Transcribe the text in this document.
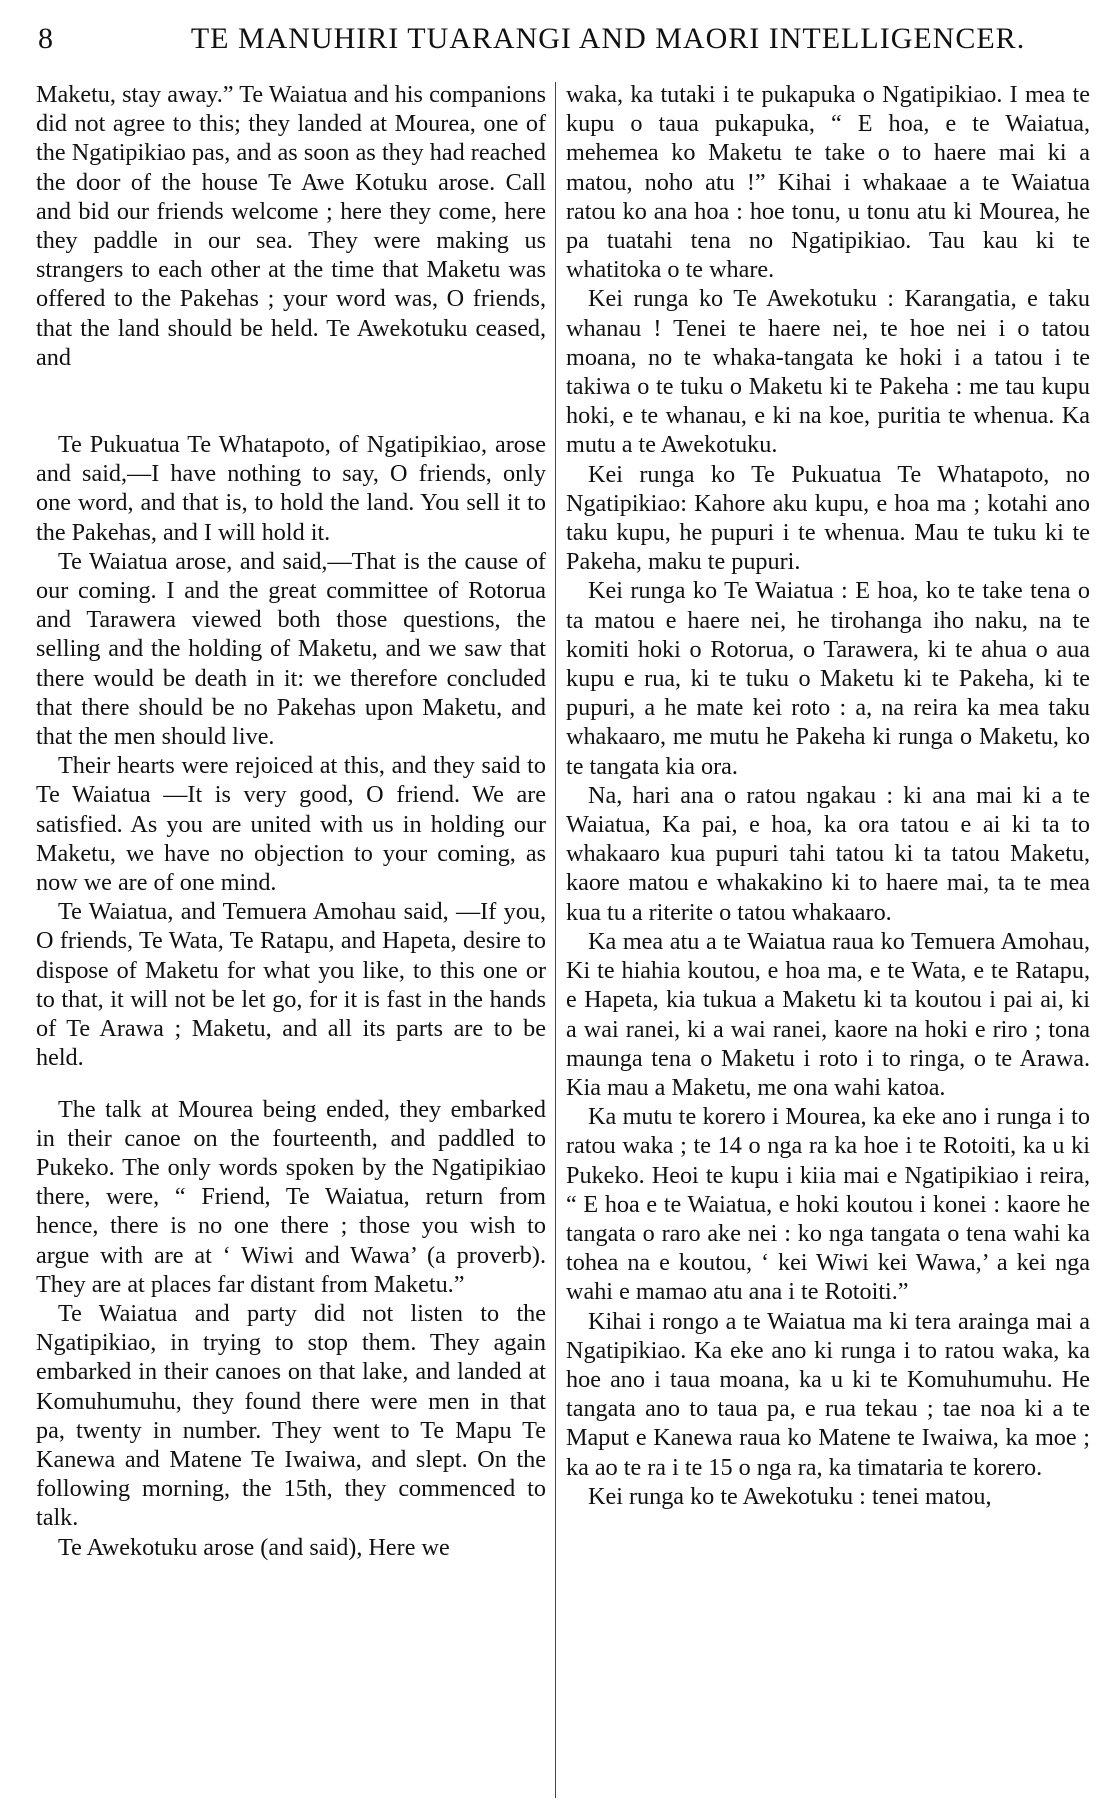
8	TE MANUHIRI TUARANGI AND MAORI INTELLIGENCER.

Maketu, stay away.” Te Waiatua and his companions did not agree to this; they landed at Mourea, one of the Ngatipikiao pas, and as soon as they had reached the door of the house Te Awe Kotuku arose. Call and bid our friends welcome ; here they come, here they paddle in our sea. They were making us strangers to each other at the time that Maketu was offered to the Pakehas ; your word was, O friends, that the land should be held. Te Awekotuku ceased, and

Te Pukuatua Te Whatapoto, of Ngatipikiao, arose and said,—I have nothing to say, O friends, only one word, and that is, to hold the land. You sell it to the Pakehas, and I will hold it.

Te Waiatua arose, and said,—That is the cause of our coming. I and the great committee of Rotorua and Tarawera viewed both those questions, the selling and the holding of Maketu, and we saw that there would be death in it: we therefore concluded that there should be no Pakehas upon Maketu, and that the men should live.

Their hearts were rejoiced at this, and they said to Te Waiatua —It is very good, O friend. We are satisfied. As you are united with us in holding our Maketu, we have no objection to your coming, as now we are of one mind.

Te Waiatua, and Temuera Amohau said, —If you, O friends, Te Wata, Te Ratapu, and Hapeta, desire to dispose of Maketu for what you like, to this one or to that, it will not be let go, for it is fast in the hands of Te Arawa ; Maketu, and all its parts are to be held.

The talk at Mourea being ended, they embarked in their canoe on the fourteenth, and paddled to Pukeko. The only words spoken by the Ngatipikiao there, were, “ Friend, Te Waiatua, return from hence, there is no one there ; those you wish to argue with are at ‘ Wiwi and Wawa’ (a proverb). They are at places far distant from Maketu.”

Te Waiatua and party did not listen to the Ngatipikiao, in trying to stop them. They again embarked in their canoes on that lake, and landed at Komuhumuhu, they found there were men in that pa, twenty in number. They went to Te Mapu Te Kanewa and Matene Te Iwaiwa, and slept. On the following morning, the 15th, they commenced to talk.

Te Awekotuku arose (and said), Here we

waka, ka tutaki i te pukapuka o Ngatipikiao. I mea te kupu o taua pukapuka, “ E hoa, e te Waiatua, mehemea ko Maketu te take o to haere mai ki a matou, noho atu !” Kihai i whakaae a te Waiatua ratou ko ana hoa : hoe tonu, u tonu atu ki Mourea, he pa tuatahi tena no Ngatipikiao. Tau kau ki te whatitoka o te whare.

Kei runga ko Te Awekotuku : Karangatia, e taku whanau ! Tenei te haere nei, te hoe nei i o tatou moana, no te whaka-tangata ke hoki i a tatou i te takiwa o te tuku o Maketu ki te Pakeha : me tau kupu hoki, e te whanau, e ki na koe, puritia te whenua. Ka mutu a te Awekotuku.

Kei runga ko Te Pukuatua Te Whatapoto, no Ngatipikiao: Kahore aku kupu, e hoa ma ; kotahi ano taku kupu, he pupuri i te whenua. Mau te tuku ki te Pakeha, maku te pupuri.

Kei runga ko Te Waiatua : E hoa, ko te take tena o ta matou e haere nei, he tirohanga iho naku, na te komiti hoki o Rotorua, o Tarawera, ki te ahua o aua kupu e rua, ki te tuku o Maketu ki te Pakeha, ki te pupuri, a he mate kei roto : a, na reira ka mea taku whakaaro, me mutu he Pakeha ki runga o Maketu, ko te tangata kia ora.

Na, hari ana o ratou ngakau : ki ana mai ki a te Waiatua, Ka pai, e hoa, ka ora tatou e ai ki ta to whakaaro kua pupuri tahi tatou ki ta tatou Maketu, kaore matou e whakakino ki to haere mai, ta te mea kua tu a riterite o tatou whakaaro.

Ka mea atu a te Waiatua raua ko Temuera Amohau, Ki te hiahia koutou, e hoa ma, e te Wata, e te Ratapu, e Hapeta, kia tukua a Maketu ki ta koutou i pai ai, ki a wai ranei, ki a wai ranei, kaore na hoki e riro ; tona maunga tena o Maketu i roto i to ringa, o te Arawa. Kia mau a Maketu, me ona wahi katoa.

Ka mutu te korero i Mourea, ka eke ano i runga i to ratou waka ; te 14 o nga ra ka hoe i te Rotoiti, ka u ki Pukeko. Heoi te kupu i kiia mai e Ngatipikiao i reira, “ E hoa e te Waiatua, e hoki koutou i konei : kaore he tangata o raro ake nei : ko nga tangata o tena wahi ka tohea na e koutou, ‘ kei Wiwi kei Wawa,’ a kei nga wahi e mamao atu ana i te Rotoiti.”

Kihai i rongo a te Waiatua ma ki tera arainga mai a Ngatipikiao. Ka eke ano ki runga i to ratou waka, ka hoe ano i taua moana, ka u ki te Komuhumuhu. He tangata ano to taua pa, e rua tekau ; tae noa ki a te Maput e Kanewa raua ko Matene te Iwaiwa, ka moe ; ka ao te ra i te 15 o nga ra, ka timataria te korero.

Kei runga ko te Awekotuku : tenei matou,
